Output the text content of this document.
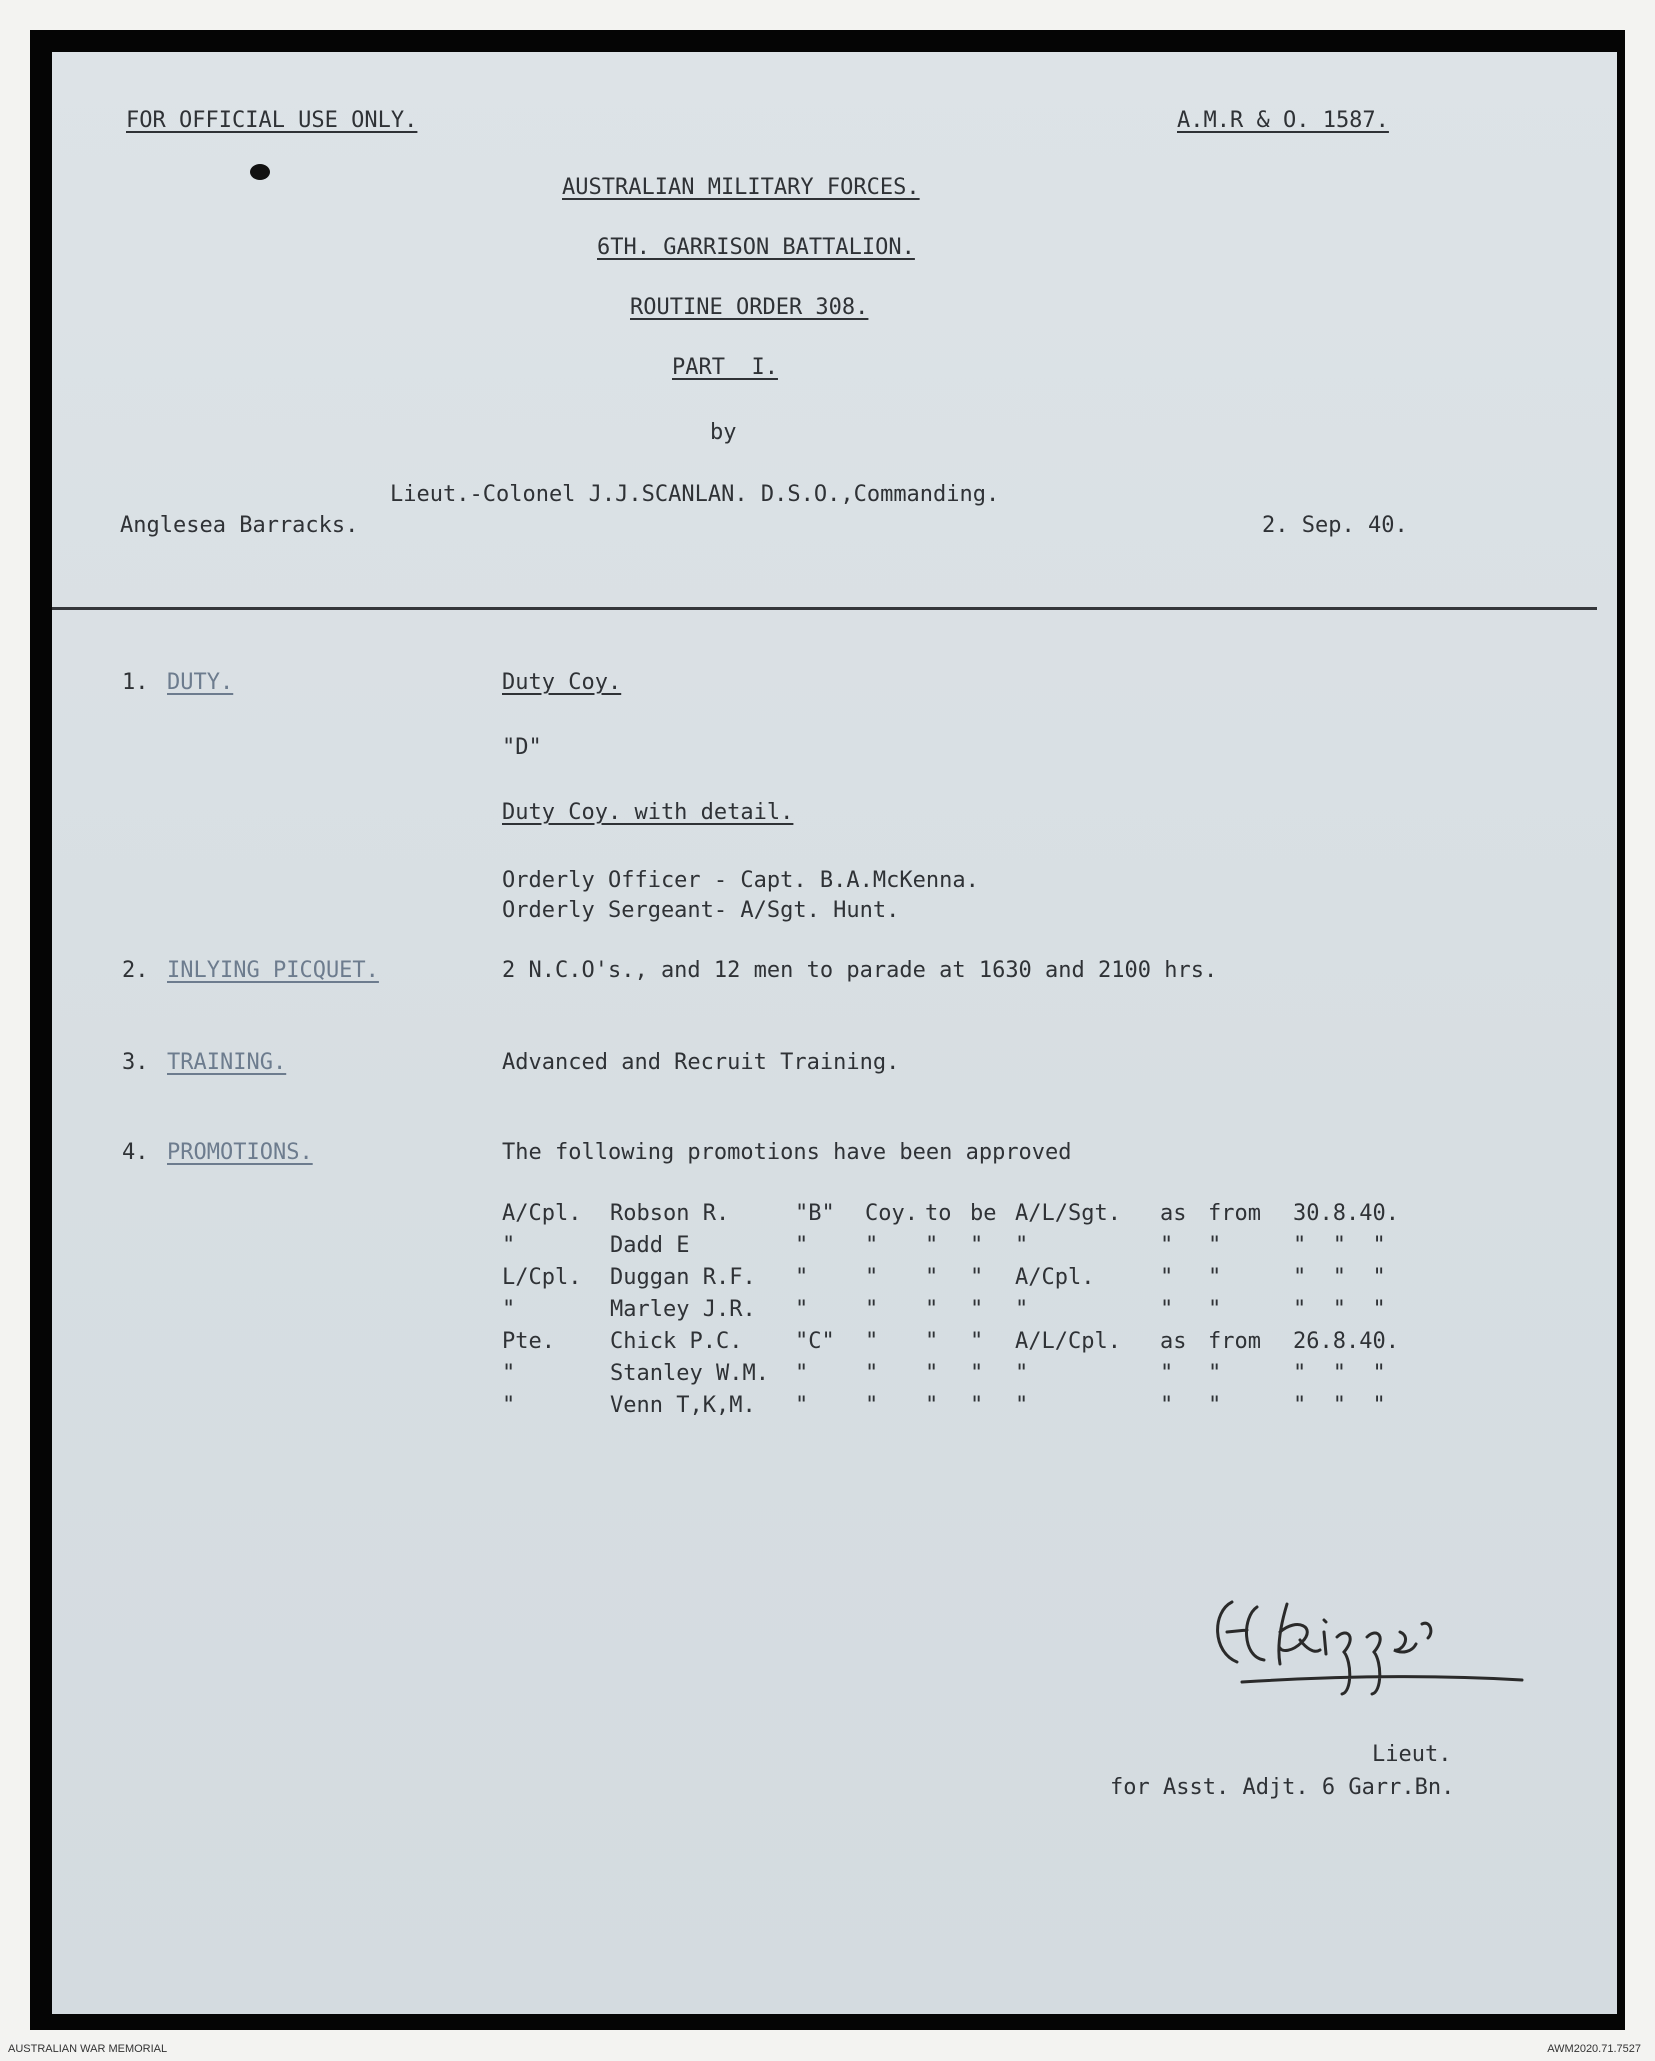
FOR OFFICIAL USE ONLY.	A.M.R & O. 1587.
AUSTRALIAN MILITARY FORCES.
6TH. GARRISON BATTALION.
ROUTINE ORDER 308.
PART  I.
by
Lieut.-Colonel J.J.SCANLAN. D.S.O.,Commanding.
Anglesea Barracks.	2. Sep. 40.
1. DUTY.	Duty Coy.
"D"
Duty Coy. with detail.
Orderly Officer - Capt. B.A.McKenna.
Orderly Sergeant- A/Sgt. Hunt.
2. INLYING PICQUET.	2 N.C.O's., and 12 men to parade at 1630 and 2100 hrs.
3. TRAINING.	Advanced and Recruit Training.
4. PROMOTIONS.	The following promotions have been approved
A/Cpl.	Robson R.	"B"	Coy.	to	be	A/L/Sgt.	as	from	30.8.40.
"	Dadd E	"	"	"	"	"	"	"	"  "  "
L/Cpl.	Duggan R.F.	"	"	"	"	A/Cpl.	"	"	"  "  "
"	Marley J.R.	"	"	"	"	"	"	"	"  "  "
Pte.	Chick P.C.	"C"	"	"	"	A/L/Cpl.	as	from	26.8.40.
"	Stanley W.M.	"	"	"	"	"	"	"	"  "  "
"	Venn T,K,M.	"	"	"	"	"	"	"	"  "  "
Lieut.
for Asst. Adjt. 6 Garr.Bn.
AUSTRALIAN WAR MEMORIAL	AWM2020.71.7527
